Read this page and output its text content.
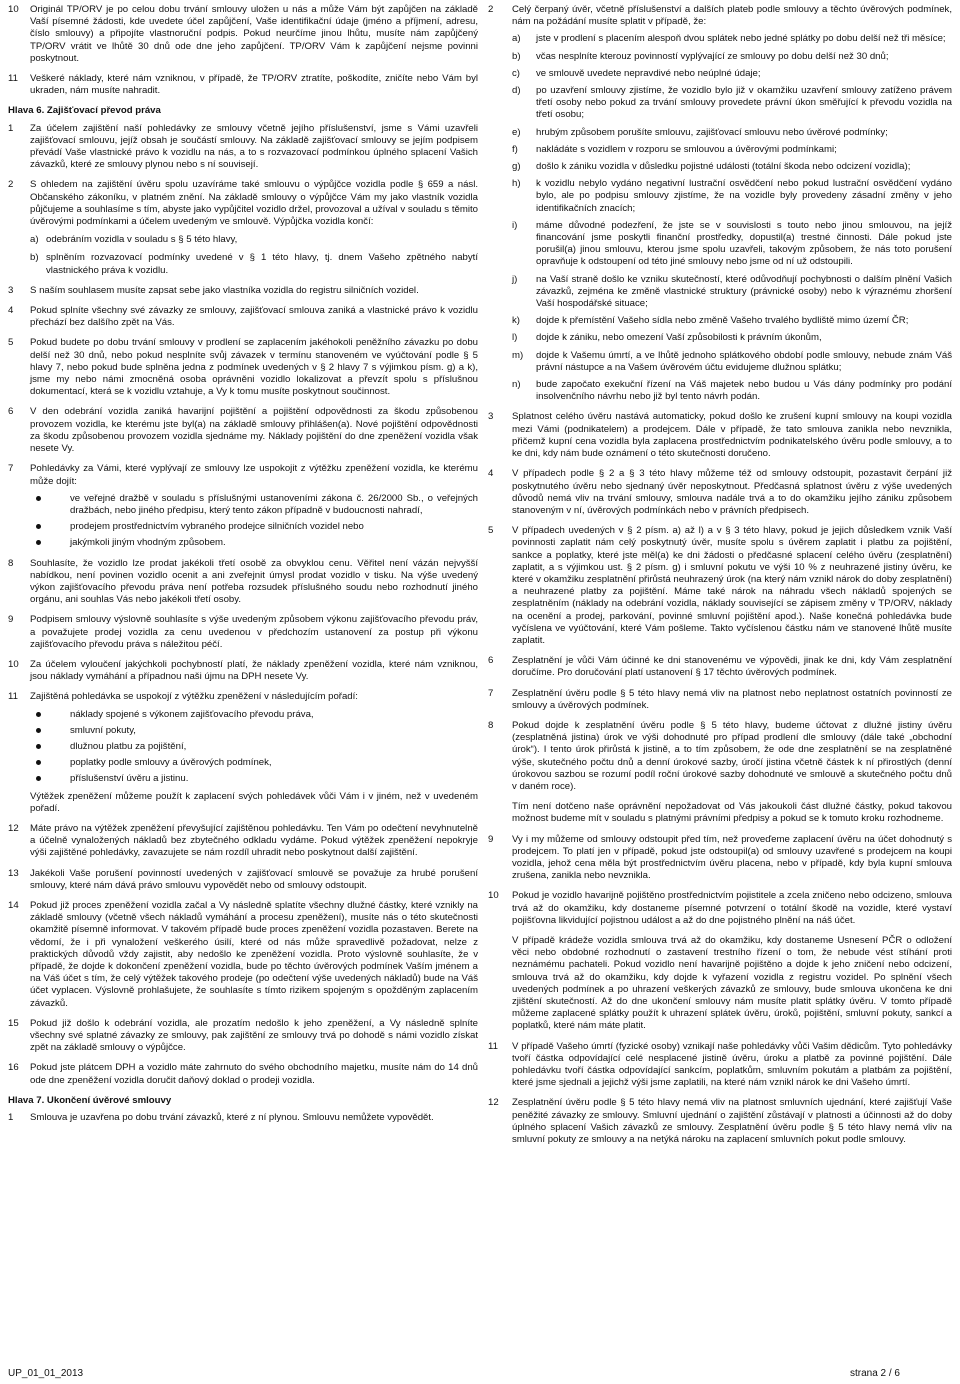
10 Originál TP/ORV je po celou dobu trvání smlouvy uložen u nás a může Vám být zapůjčen na základě Vaší písemné žádosti, kde uvedete účel zapůjčení, Vaše identifikační údaje (jméno a příjmení, adresu, číslo smlouvy) a připojíte vlastnoruční podpis. Pokud neurčíme jinou lhůtu, musíte nám zapůjčený TP/ORV vrátit ve lhůtě 30 dnů ode dne jeho zapůjčení. TP/ORV Vám k zapůjčení nejsme povinni poskytnout.
11 Veškeré náklady, které nám vzniknou, v případě, že TP/ORV ztratíte, poškodíte, zničíte nebo Vám byl ukraden, nám musíte nahradit.
Hlava 6. Zajišťovací převod práva
1 Za účelem zajištění naší pohledávky ze smlouvy včetně jejího příslušenství, jsme s Vámi uzavřeli zajišťovací smlouvu, jejíž obsah je součástí smlouvy. Na základě zajišťovací smlouvy se jejím podpisem převádí Vaše vlastnické právo k vozidlu na nás, a to s rozvazovací podmínkou úplného splacení Vašich závazků, které ze smlouvy plynou nebo s ní souvisejí.
2 S ohledem na zajištění úvěru spolu uzavíráme také smlouvu o výpůjčce vozidla podle § 659 a násl. Občanského zákoníku, v platném znění. Na základě smlouvy o výpůjčce Vám my jako vlastník vozidla půjčujeme a souhlasíme s tím, abyste jako vypůjčitel vozidlo držel, provozoval a užíval v souladu s těmito úvěrovými podmínkami a účelem uvedeným ve smlouvě. Výpůjčka vozidla končí:
a) odebráním vozidla v souladu s § 5 této hlavy,
b) splněním rozvazovací podmínky uvedené v § 1 této hlavy, tj. dnem Vašeho zpětného nabytí vlastnického práva k vozidlu.
3 S naším souhlasem musíte zapsat sebe jako vlastníka vozidla do registru silničních vozidel.
4 Pokud splníte všechny své závazky ze smlouvy, zajišťovací smlouva zaniká a vlastnické právo k vozidlu přechází bez dalšího zpět na Vás.
5 Pokud budete po dobu trvání smlouvy v prodlení se zaplacením jakéhokoli peněžního závazku po dobu delší než 30 dnů, nebo pokud nesplníte svůj závazek v termínu stanoveném ve vyúčtování podle § 5 hlavy 7, nebo pokud bude splněna jedna z podmínek uvedených v § 2 hlavy 7 s výjimkou písm. g) a k), jsme my nebo námi zmocněná osoba oprávněni vozidlo lokalizovat a převzít spolu s příslušnou dokumentací, která se k vozidlu vztahuje, a Vy k tomu musíte poskytnout součinnost.
6 V den odebrání vozidla zaniká havarijní pojištění a pojištění odpovědnosti za škodu způsobenou provozem vozidla, ke kterému jste byl(a) na základě smlouvy přihlášen(a). Nové pojištění odpovědnosti za škodu způsobenou provozem vozidla sjednáme my. Náklady pojištění do dne zpeněžení vozidla však nesete Vy.
7 Pohledávky za Vámi, které vyplývají ze smlouvy lze uspokojit z výtěžku zpeněžení vozidla, ke kterému může dojít:
ve veřejné dražbě v souladu s příslušnými ustanoveními zákona č. 26/2000 Sb., o veřejných dražbách, nebo jiného předpisu, který tento zákon případně v budoucnosti nahradí,
prodejem prostřednictvím vybraného prodejce silničních vozidel nebo
jakýmkoli jiným vhodným způsobem.
8 Souhlasíte, že vozidlo lze prodat jakékoli třetí osobě za obvyklou cenu. Věřitel není vázán nejvyšší nabídkou, není povinen vozidlo ocenit a ani zveřejnit úmysl prodat vozidlo v tisku. Na výše uvedený výkon zajišťovacího převodu práva není potřeba rozsudek příslušného soudu nebo rozhodnutí jiného orgánu, ani souhlas Vás nebo jakékoli třetí osoby.
9 Podpisem smlouvy výslovně souhlasíte s výše uvedeným způsobem výkonu zajišťovacího převodu práv, a považujete prodej vozidla za cenu uvedenou v předchozím ustanovení za postup při výkonu zajišťovacího převodu práva s náležitou péčí.
10 Za účelem vyloučení jakýchkoli pochybností platí, že náklady zpeněžení vozidla, které nám vzniknou, jsou náklady vymáhání a případnou naši újmu na DPH nesete Vy.
11 Zajištěná pohledávka se uspokojí z výtěžku zpeněžení v následujícím pořadí:
náklady spojené s výkonem zajišťovacího převodu práva,
smluvní pokuty,
dlužnou platbu za pojištění,
poplatky podle smlouvy a úvěrových podmínek,
příslušenství úvěru a jistinu.
Výtěžek zpeněžení můžeme použít k zaplacení svých pohledávek vůči Vám i v jiném, než v uvedeném pořadí.
12 Máte právo na výtěžek zpeněžení převyšující zajištěnou pohledávku. Ten Vám po odečtení nevyhnutelně a účelně vynaložených nákladů bez zbytečného odkladu vydáme. Pokud výtěžek zpeněžení nepokryje výši zajištěné pohledávky, zavazujete se nám rozdíl uhradit nebo poskytnout další zajištění.
13 Jakékoli Vaše porušení povinností uvedených v zajišťovací smlouvě se považuje za hrubé porušení smlouvy, které nám dává právo smlouvu vypovědět nebo od smlouvy odstoupit.
14 Pokud již proces zpeněžení vozidla začal a Vy následně splatíte všechny dlužné částky, které vznikly na základě smlouvy (včetně všech nákladů vymáhání a procesu zpeněžení), musíte nás o této skutečnosti okamžitě písemně informovat. V takovém případě bude proces zpeněžení vozidla pozastaven. Berete na vědomí, že i při vynaložení veškerého úsilí, které od nás může spravedlivě požadovat, nelze z praktických důvodů vždy zajistit, aby nedošlo ke zpeněžení vozidla. Proto výslovně souhlasíte, že v případě, že dojde k dokončení zpeněžení vozidla, bude po těchto úvěrových podmínek Vaším jménem a na Váš účet s tím, že celý výtěžek takového prodeje (po odečtení výše uvedených nákladů) bude na Váš účet vyplacen. Výslovně prohlašujete, že souhlasíte s tímto rizikem spojeným s opožděným zaplacením závazků.
15 Pokud již došlo k odebrání vozidla, ale prozatím nedošlo k jeho zpeněžení, a Vy následně splníte všechny své splatné závazky ze smlouvy, pak zajištění ze smlouvy trvá po dohodě s námi vozidlo získat zpět na základě smlouvy o výpůjčce.
16 Pokud jste plátcem DPH a vozidlo máte zahrnuto do svého obchodního majetku, musíte nám do 14 dnů ode dne zpeněžení vozidla doručit daňový doklad o prodeji vozidla.
Hlava 7. Ukončení úvěrové smlouvy
1 Smlouva je uzavřena po dobu trvání závazků, které z ní plynou. Smlouvu nemůžete vypovědět.
2 Celý čerpaný úvěr, včetně příslušenství a dalších plateb podle smlouvy a těchto úvěrových podmínek, nám na požádání musíte splatit v případě, že:
a) jste v prodlení s placením alespoň dvou splátek nebo jedné splátky po dobu delší než tři měsíce;
b) včas nesplníte kterouz povinností vyplývající ze smlouvy po dobu delší než 30 dnů;
c) ve smlouvě uvedete nepravdivé nebo neúplné údaje;
d) po uzavření smlouvy zjistíme, že vozidlo bylo již v okamžiku uzavření smlouvy zatíženo právem třetí osoby nebo pokud za trvání smlouvy provedete právní úkon směřující k převodu vozidla na třetí osobu;
e) hrubým způsobem porušíte smlouvu, zajišťovací smlouvu nebo úvěrové podmínky;
f) nakládáte s vozidlem v rozporu se smlouvou a úvěrovými podmínkami;
g) došlo k zániku vozidla v důsledku pojistné události (totální škoda nebo odcizení vozidla);
h) k vozidlu nebylo vydáno negativní lustrační osvědčení nebo pokud lustrační osvědčení vydáno bylo, ale po podpisu smlouvy zjistíme, že na vozidle byly provedeny zásadní změny v jeho identifikačních znacích;
i) máme důvodné podezření, že jste se v souvislosti s touto nebo jinou smlouvou, na jejíž financování jsme poskytli finanční prostředky, dopustil(a) trestné činnosti. Dále pokud jste porušil(a) jinou smlouvu, kterou jsme spolu uzavřeli, takovým způsobem, že nás toto porušení opravňuje k odstoupení od této jiné smlouvy nebo jsme od ní už odstoupili.
j) na Vaší straně došlo ke vzniku skutečností, které odůvodňují pochybnosti o dalším plnění Vašich závazků, zejména ke změně vlastnické struktury (právnické osoby) nebo k výraznému zhoršení Vaší hospodářské situace;
k) dojde k přemístění Vašeho sídla nebo změně Vašeho trvalého bydliště mimo území ČR;
l) dojde k zániku, nebo omezení Vaší způsobilosti k právním úkonům,
m) dojde k Vašemu úmrtí, a ve lhůtě jednoho splátkového období podle smlouvy, nebude znám Váš právní nástupce a na Vašem úvěrovém účtu evidujeme dlužnou splátku;
n) bude započato exekuční řízení na Váš majetek nebo budou u Vás dány podmínky pro podání insolvenčního návrhu nebo již byl tento návrh podán.
3 Splatnost celého úvěru nastává automaticky, pokud došlo ke zrušení kupní smlouvy na koupi vozidla mezi Vámi (podnikatelem) a prodejcem. Dále v případě, že tato smlouva zanikla nebo nevznikla, přičemž kupní cena vozidla byla zaplacena prostřednictvím podnikatelského úvěru podle smlouvy, a to ke dni, kdy nám bude oznámení o této skutečnosti doručeno.
4 V případech podle § 2 a § 3 této hlavy můžeme též od smlouvy odstoupit, pozastavit čerpání již poskytnutého úvěru nebo sjednaný úvěr neposkytnout. Předčasná splatnost úvěru z výše uvedených důvodů nemá vliv na trvání smlouvy, smlouva nadále trvá a to do okamžiku jejího zániku způsobem stanoveným v ní, úvěrových podmínkách nebo v právních předpisech.
5 V případech uvedených v § 2 písm. a) až l) a v § 3 této hlavy, pokud je jejich důsledkem vznik Vaší povinnosti zaplatit nám celý poskytnutý úvěr, musíte spolu s úvěrem zaplatit i platbu za pojištění, sankce a poplatky, které jste měl(a) ke dni žádosti o předčasné splacení celého úvěru (zesplatnění) zaplatit, a s výjimkou ust. § 2 písm. g) i smluvní pokutu ve výši 10 % z neuhrazené jistiny úvěru, ke které v okamžiku zesplatnění přirůstá neuhrazený úrok (na který nám vznikl nárok do doby zesplatnění) a neuhrazené platby za pojištění. Máme také nárok na náhradu všech nákladů spojených se zesplatněním (náklady na odebrání vozidla, náklady související se zápisem změny v TP/ORV, náklady na ocenění a prodej, parkování, povinné smluvní pojištění apod.). Naše konečná pohledávka bude vyčíslena ve vyúčtování, které Vám pošleme. Takto vyčíslenou částku nám ve stanovené lhůtě musíte zaplatit.
6 Zesplatnění je vůči Vám účinné ke dni stanovenému ve výpovědi, jinak ke dni, kdy Vám zesplatnění doručíme. Pro doručování platí ustanovení § 17 těchto úvěrových podmínek.
7 Zesplatnění úvěru podle § 5 této hlavy nemá vliv na platnost nebo neplatnost ostatních povinností ze smlouvy a úvěrových podmínek.
8 Pokud dojde k zesplatnění úvěru podle § 5 této hlavy, budeme účtovat z dlužné jistiny úvěru (zesplatněná jistina) úrok ve výši dohodnuté pro případ prodlení dle smlouvy (dále také „obchodní úrok“). I tento úrok přirůstá k jistině, a to tím způsobem, že ode dne zesplatnění se na zesplatněné výše, skutečného počtu dnů a denní úrokové sazby, úročí jistina včetně částek k ní přirostlých (denní úrokovou sazbou se rozumí podíl roční úrokové sazby dohodnuté ve smlouvě a skutečného počtu dnů v daném roce).
Tím není dotčeno naše oprávnění nepožadovat od Vás jakoukoli část dlužné částky, pokud takovou možnost budeme mít v souladu s platnými právními předpisy a pokud se k tomuto kroku rozhodneme.
9 Vy i my můžeme od smlouvy odstoupit před tím, než proveďeme zaplacení úvěru na účet dohodnutý s prodejcem. To platí jen v případě, pokud jste odstoupil(a) od smlouvy uzavřené s prodejcem na koupi vozidla, jehož cena měla být prostřednictvím úvěru placena, nebo v případě, kdy byla kupní smlouva zrušena, zanikla nebo nevznikla.
10 Pokud je vozidlo havarijně pojištěno prostřednictvím pojistitele a zcela zničeno nebo odcizeno, smlouva trvá až do okamžiku, kdy dostaneme písemné potvrzení o totální škodě na vozidle, které vystaví pojišťovna likvidující pojistnou událost a až do dne pojistného plnění na náš účet.
V případě krádeže vozidla smlouva trvá až do okamžiku, kdy dostaneme Usnesení PČR o odložení věci nebo obdobné rozhodnutí o zastavení trestního řízení o tom, že nebude vést stíhání proti neznámému pachateli. Pokud vozidlo není havarijně pojištěno a dojde k jeho zničení nebo odcizení, smlouva trvá až do okamžiku, kdy dojde k vyřazení vozidla z registru vozidel. Po splnění všech uvedených podmínek a po uhrazení veškerých závazků ze smlouvy, bude smlouva ukončena ke dni zjištění skutečností. Až do dne ukončení smlouvy nám musíte platit splátky úvěru. V tomto případě můžeme zaplacené splátky použít k uhrazení splátek úvěru, úroků, pojištění, smluvní pokuty, sankcí a poplatků, které nám máte platit.
11 V případě Vašeho úmrtí (fyzické osoby) vznikají naše pohledávky vůči Vašim dědicům. Tyto pohledávky tvoří částka odpovídající celé nesplacené jistině úvěru, úroku a platbě za povinné pojištění. Dále pohledávku tvoří částka odpovídající sankcím, poplatkům, smluvním pokutám a platbám za pojištění, které jsme sjednali a jejichž výši jsme zaplatili, na které nám vznikl nárok ke dni Vašeho úmrtí.
12 Zesplatnění úvěru podle § 5 této hlavy nemá vliv na platnost smluvních ujednání, které zajišťují Vaše peněžité závazky ze smlouvy. Smluvní ujednání o zajištění zůstávají v platnosti a účinnosti až do doby úplného splacení Vašich závazků ze smlouvy. Zesplatnění úvěru podle § 5 této hlavy nemá vliv na smluvní pokuty ze smlouvy a na netýká nároku na zaplacení smluvních pokut podle smlouvy.
UP_01_01_2013	strana 2 / 6
